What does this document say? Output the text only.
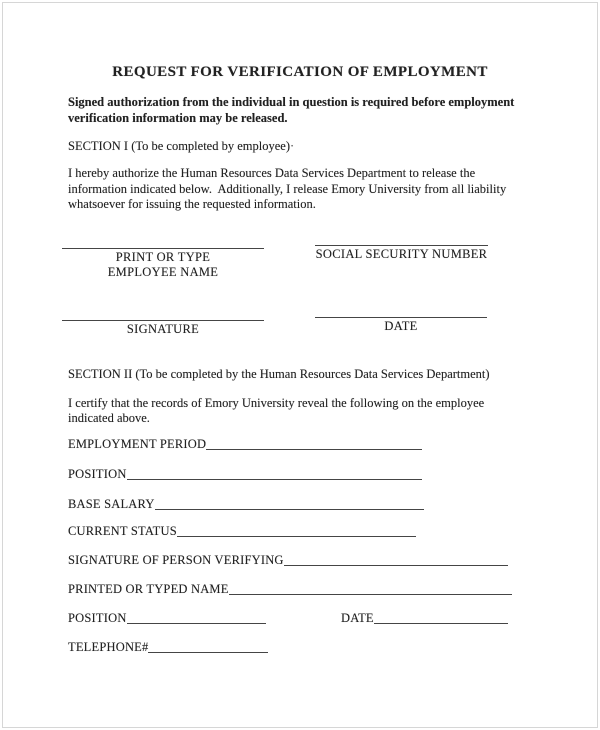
REQUEST FOR VERIFICATION OF EMPLOYMENT
Signed authorization from the individual in question is required before employment
verification information may be released.
SECTION I (To be completed by employee)·
I hereby authorize the Human Resources Data Services Department to release the
information indicated below.  Additionally, I release Emory University from all liability
whatsoever for issuing the requested information.
PRINT OR TYPE
EMPLOYEE NAME
SOCIAL SECURITY NUMBER
SIGNATURE	DATE
SECTION II (To be completed by the Human Resources Data Services Department)
I certify that the records of Emory University reveal the following on the employee
indicated above.
EMPLOYMENT PERIOD
POSITION
BASE SALARY
CURRENT STATUS
SIGNATURE OF PERSON VERIFYING
PRINTED OR TYPED NAME
POSITION	DATE
TELEPHONE#
